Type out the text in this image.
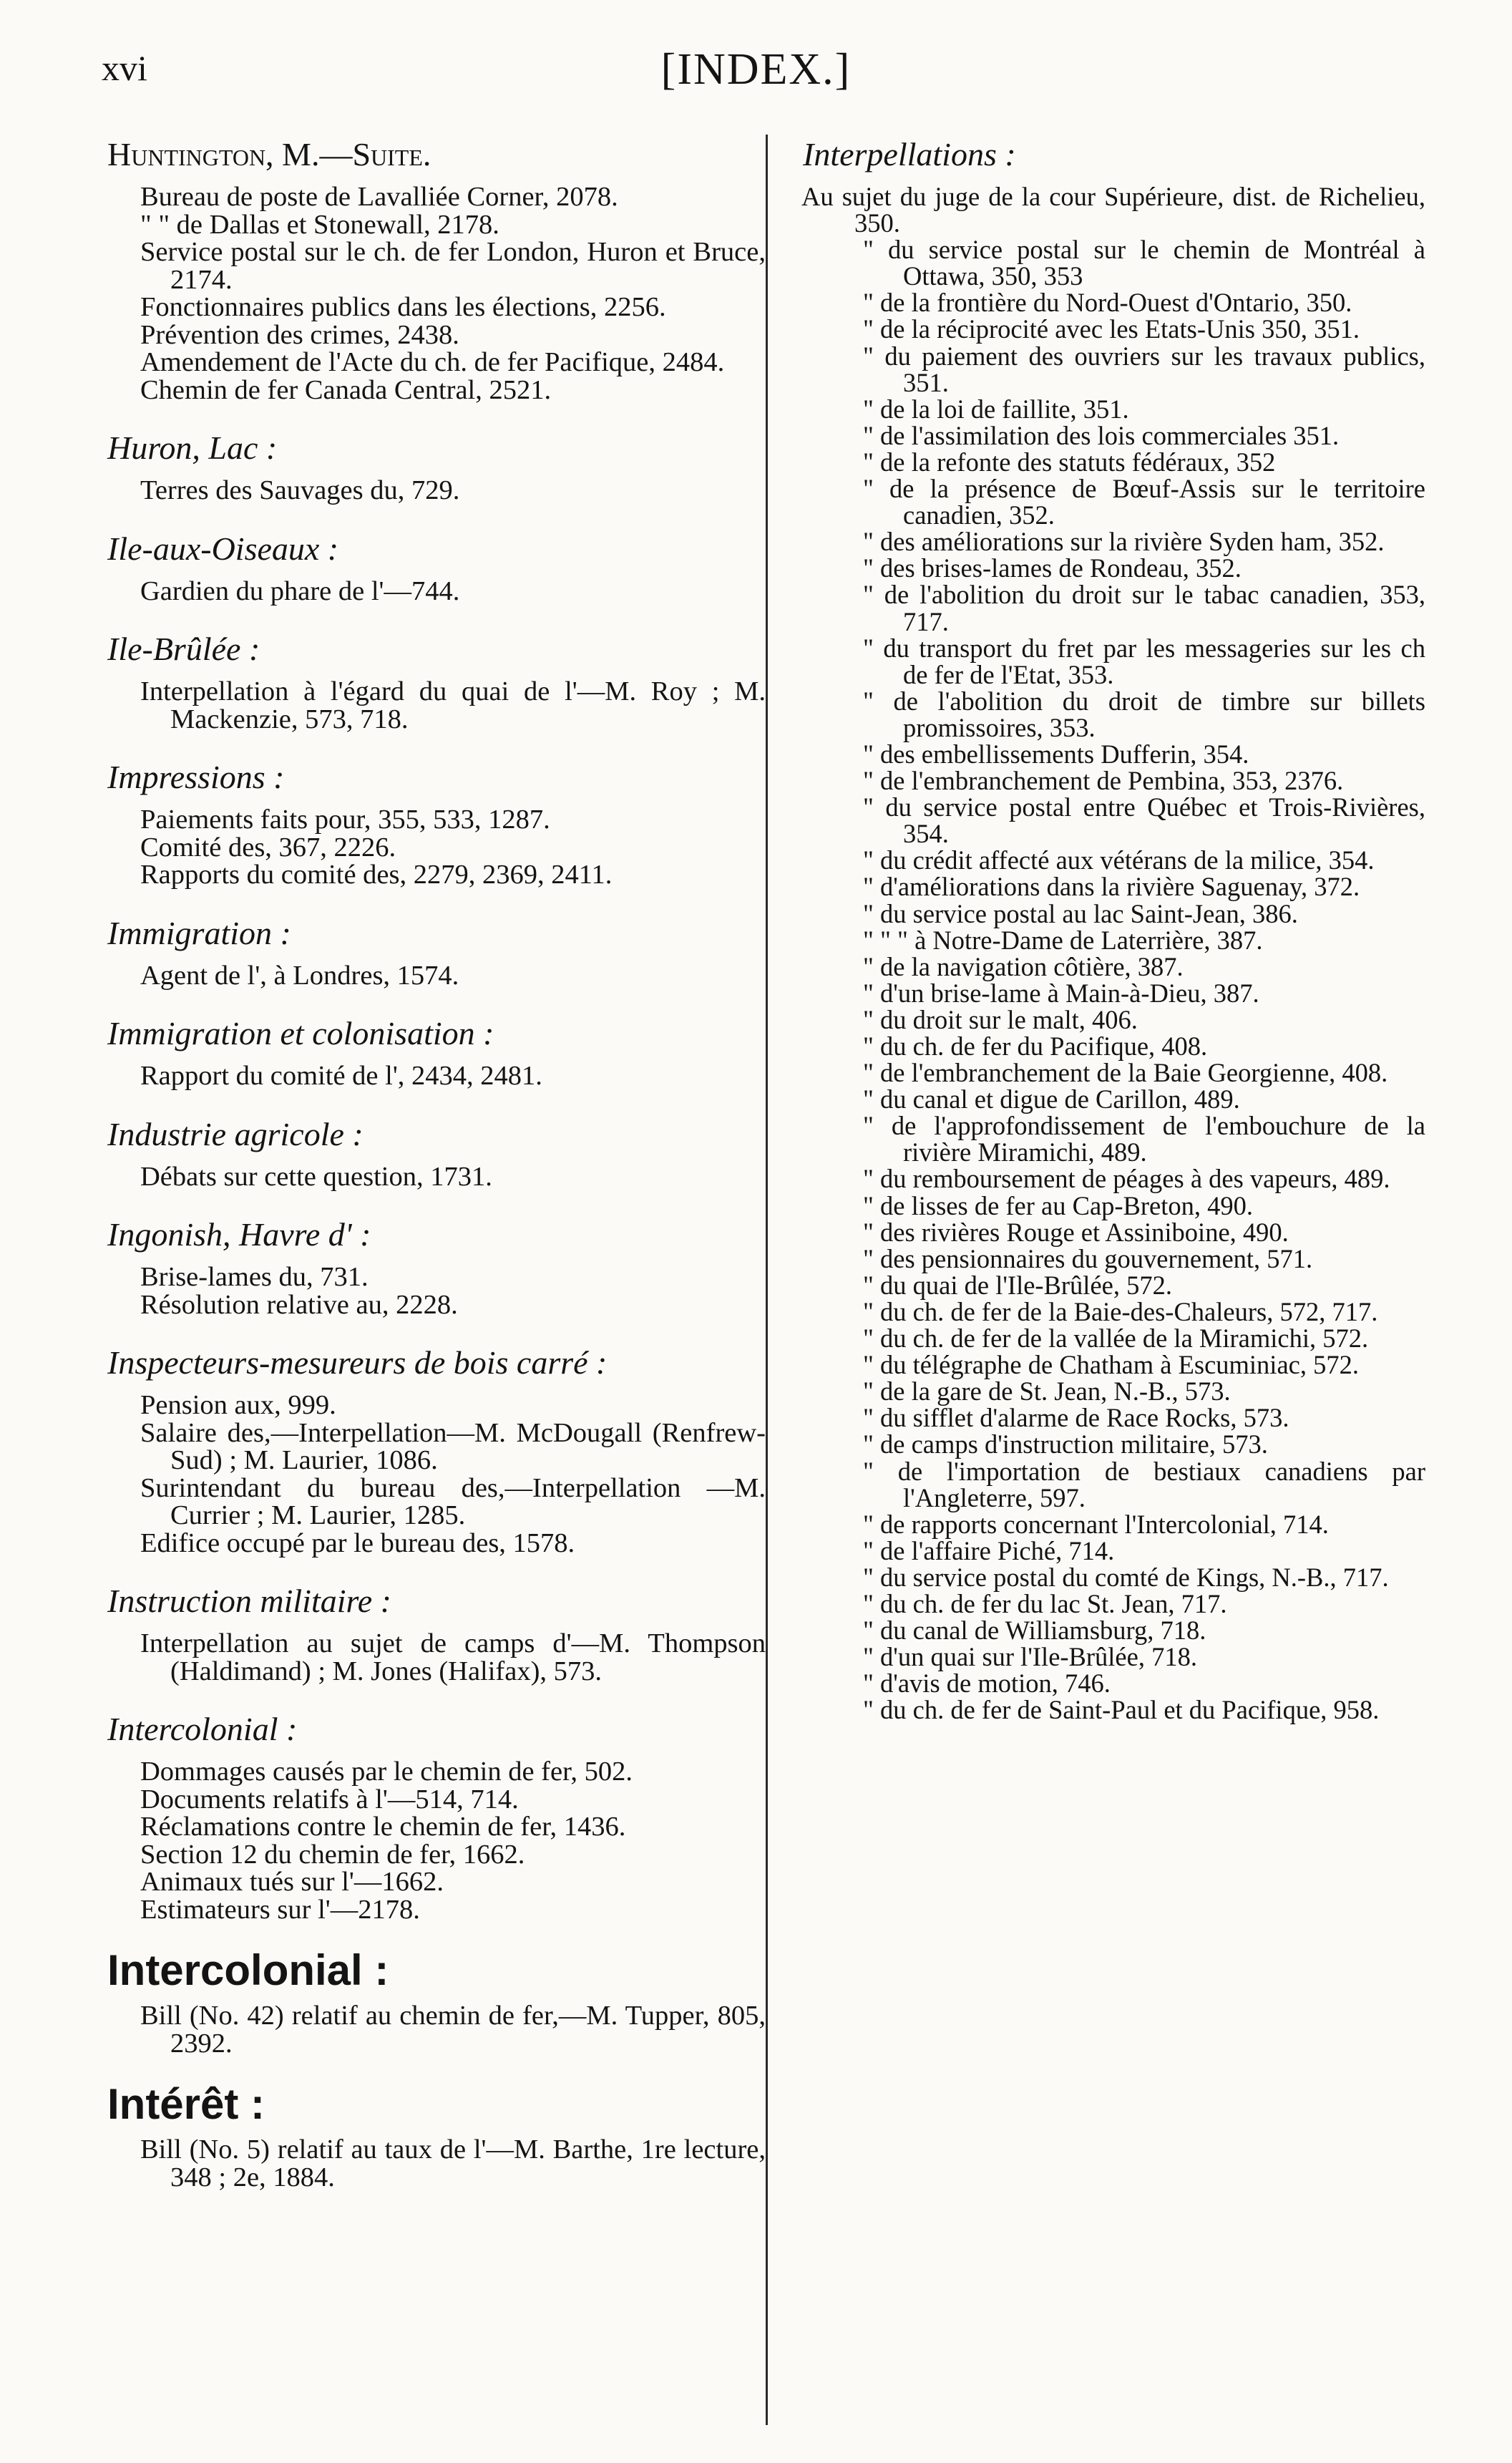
xvi	[INDEX.]
Huntington, M.—Suite.
Bureau de poste de Lavalliée Corner, 2078.
" " de Dallas et Stonewall, 2178.
Service postal sur le ch. de fer London, Huron et Bruce, 2174.
Fonctionnaires publics dans les élections, 2256.
Prévention des crimes, 2438.
Amendement de l'Acte du ch. de fer Pacifique, 2484.
Chemin de fer Canada Central, 2521.
Huron, Lac :
Terres des Sauvages du, 729.
Ile-aux-Oiseaux :
Gardien du phare de l'—744.
Ile-Brûlée :
Interpellation à l'égard du quai de l'—M. Roy ; M. Mackenzie, 573, 718.
Impressions :
Paiements faits pour, 355, 533, 1287.
Comité des, 367, 2226.
Rapports du comité des, 2279, 2369, 2411.
Immigration :
Agent de l', à Londres, 1574.
Immigration et colonisation :
Rapport du comité de l', 2434, 2481.
Industrie agricole :
Débats sur cette question, 1731.
Ingonish, Havre d' :
Brise-lames du, 731.
Résolution relative au, 2228.
Inspecteurs-mesureurs de bois carré :
Pension aux, 999.
Salaire des,—Interpellation—M. McDougall (Renfrew-Sud) ; M. Laurier, 1086.
Surintendant du bureau des,—Interpellation —M. Currier ; M. Laurier, 1285.
Edifice occupé par le bureau des, 1578.
Instruction militaire :
Interpellation au sujet de camps d'—M. Thompson (Haldimand) ; M. Jones (Halifax), 573.
Intercolonial :
Dommages causés par le chemin de fer, 502.
Documents relatifs à l'—514, 714.
Réclamations contre le chemin de fer, 1436.
Section 12 du chemin de fer, 1662.
Animaux tués sur l'—1662.
Estimateurs sur l'—2178.
Intercolonial :
Bill (No. 42) relatif au chemin de fer,—M. Tupper, 805, 2392.
Intérêt :
Bill (No. 5) relatif au taux de l'—M. Barthe, 1re lecture, 348 ; 2e, 1884.
Interpellations :
Au sujet du juge de la cour Supérieure, dist. de Richelieu, 350.
" du service postal sur le chemin de Montréal à Ottawa, 350, 353
" de la frontière du Nord-Ouest d'Ontario, 350.
" de la réciprocité avec les Etats-Unis 350, 351.
" du paiement des ouvriers sur les travaux publics, 351.
" de la loi de faillite, 351.
" de l'assimilation des lois commerciales 351.
" de la refonte des statuts fédéraux, 352
" de la présence de Bœuf-Assis sur le territoire canadien, 352.
" des améliorations sur la rivière Syden ham, 352.
" des brises-lames de Rondeau, 352.
" de l'abolition du droit sur le tabac canadien, 353, 717.
" du transport du fret par les messageries sur les ch de fer de l'Etat, 353.
" de l'abolition du droit de timbre sur billets promissoires, 353.
" des embellissements Dufferin, 354.
" de l'embranchement de Pembina, 353, 2376.
" du service postal entre Québec et Trois-Rivières, 354.
" du crédit affecté aux vétérans de la milice, 354.
" d'améliorations dans la rivière Saguenay, 372.
" du service postal au lac Saint-Jean, 386.
" " " à Notre-Dame de Laterrière, 387.
" de la navigation côtière, 387.
" d'un brise-lame à Main-à-Dieu, 387.
" du droit sur le malt, 406.
" du ch. de fer du Pacifique, 408.
" de l'embranchement de la Baie Georgienne, 408.
" du canal et digue de Carillon, 489.
" de l'approfondissement de l'embouchure de la rivière Miramichi, 489.
" du remboursement de péages à des vapeurs, 489.
" de lisses de fer au Cap-Breton, 490.
" des rivières Rouge et Assiniboine, 490.
" des pensionnaires du gouvernement, 571.
" du quai de l'Ile-Brûlée, 572.
" du ch. de fer de la Baie-des-Chaleurs, 572, 717.
" du ch. de fer de la vallée de la Miramichi, 572.
" du télégraphe de Chatham à Escuminiac, 572.
" de la gare de St. Jean, N.-B., 573.
" du sifflet d'alarme de Race Rocks, 573.
" de camps d'instruction militaire, 573.
" de l'importation de bestiaux canadiens par l'Angleterre, 597.
" de rapports concernant l'Intercolonial, 714.
" de l'affaire Piché, 714.
" du service postal du comté de Kings, N.-B., 717.
" du ch. de fer du lac St. Jean, 717.
" du canal de Williamsburg, 718.
" d'un quai sur l'Ile-Brûlée, 718.
" d'avis de motion, 746.
" du ch. de fer de Saint-Paul et du Pacifique, 958.
